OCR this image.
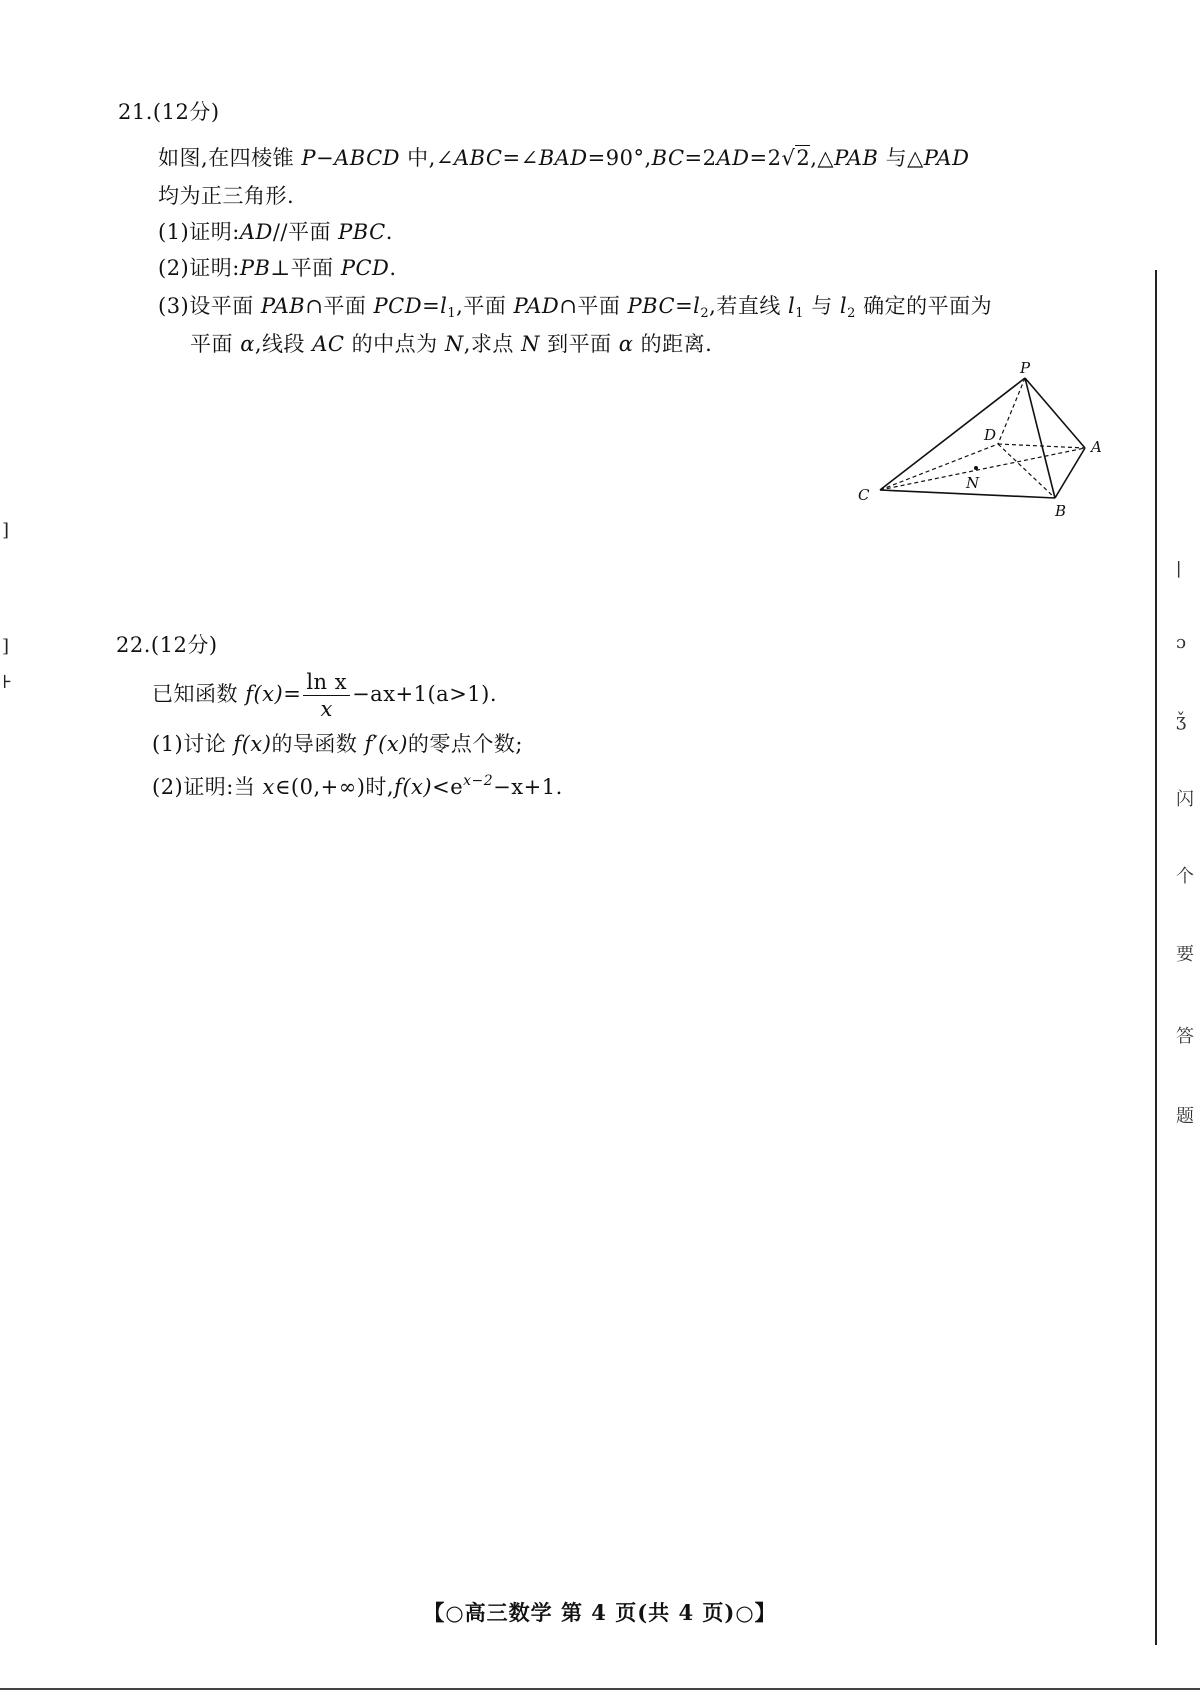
21.(12分)
如图,在四棱锥 P−ABCD 中,∠ABC=∠BAD=90°,BC=2AD=2√2,△PAB 与△PAD
均为正三角形.
(1)证明:AD//平面 PBC.
(2)证明:PB⊥平面 PCD.
(3)设平面 PAB∩平面 $PCD=l_1$,平面 PAD∩平面 $PBC=l_2$,若直线 $l_1$ 与 $l_2$ 确定的平面为
平面 α,线段 AC 的中点为 N,求点 N 到平面 α 的距离.
P
D
A
N
C
B
22.(12分)
已知函数 $f(x)= \frac{\text{ln x}}{x} -ax+1(a>1)$.
(1)讨论 f(x)的导函数 f′(x)的零点个数;
(2)证明:当 x∈(0,+∞)时$,f(x)<e^{x-2}-x+1$.
∣
ɔ
ǯ
闪
个
要
答
题
]
]
⊦
【○高三数学 第 4 页(共 4 页)○】
